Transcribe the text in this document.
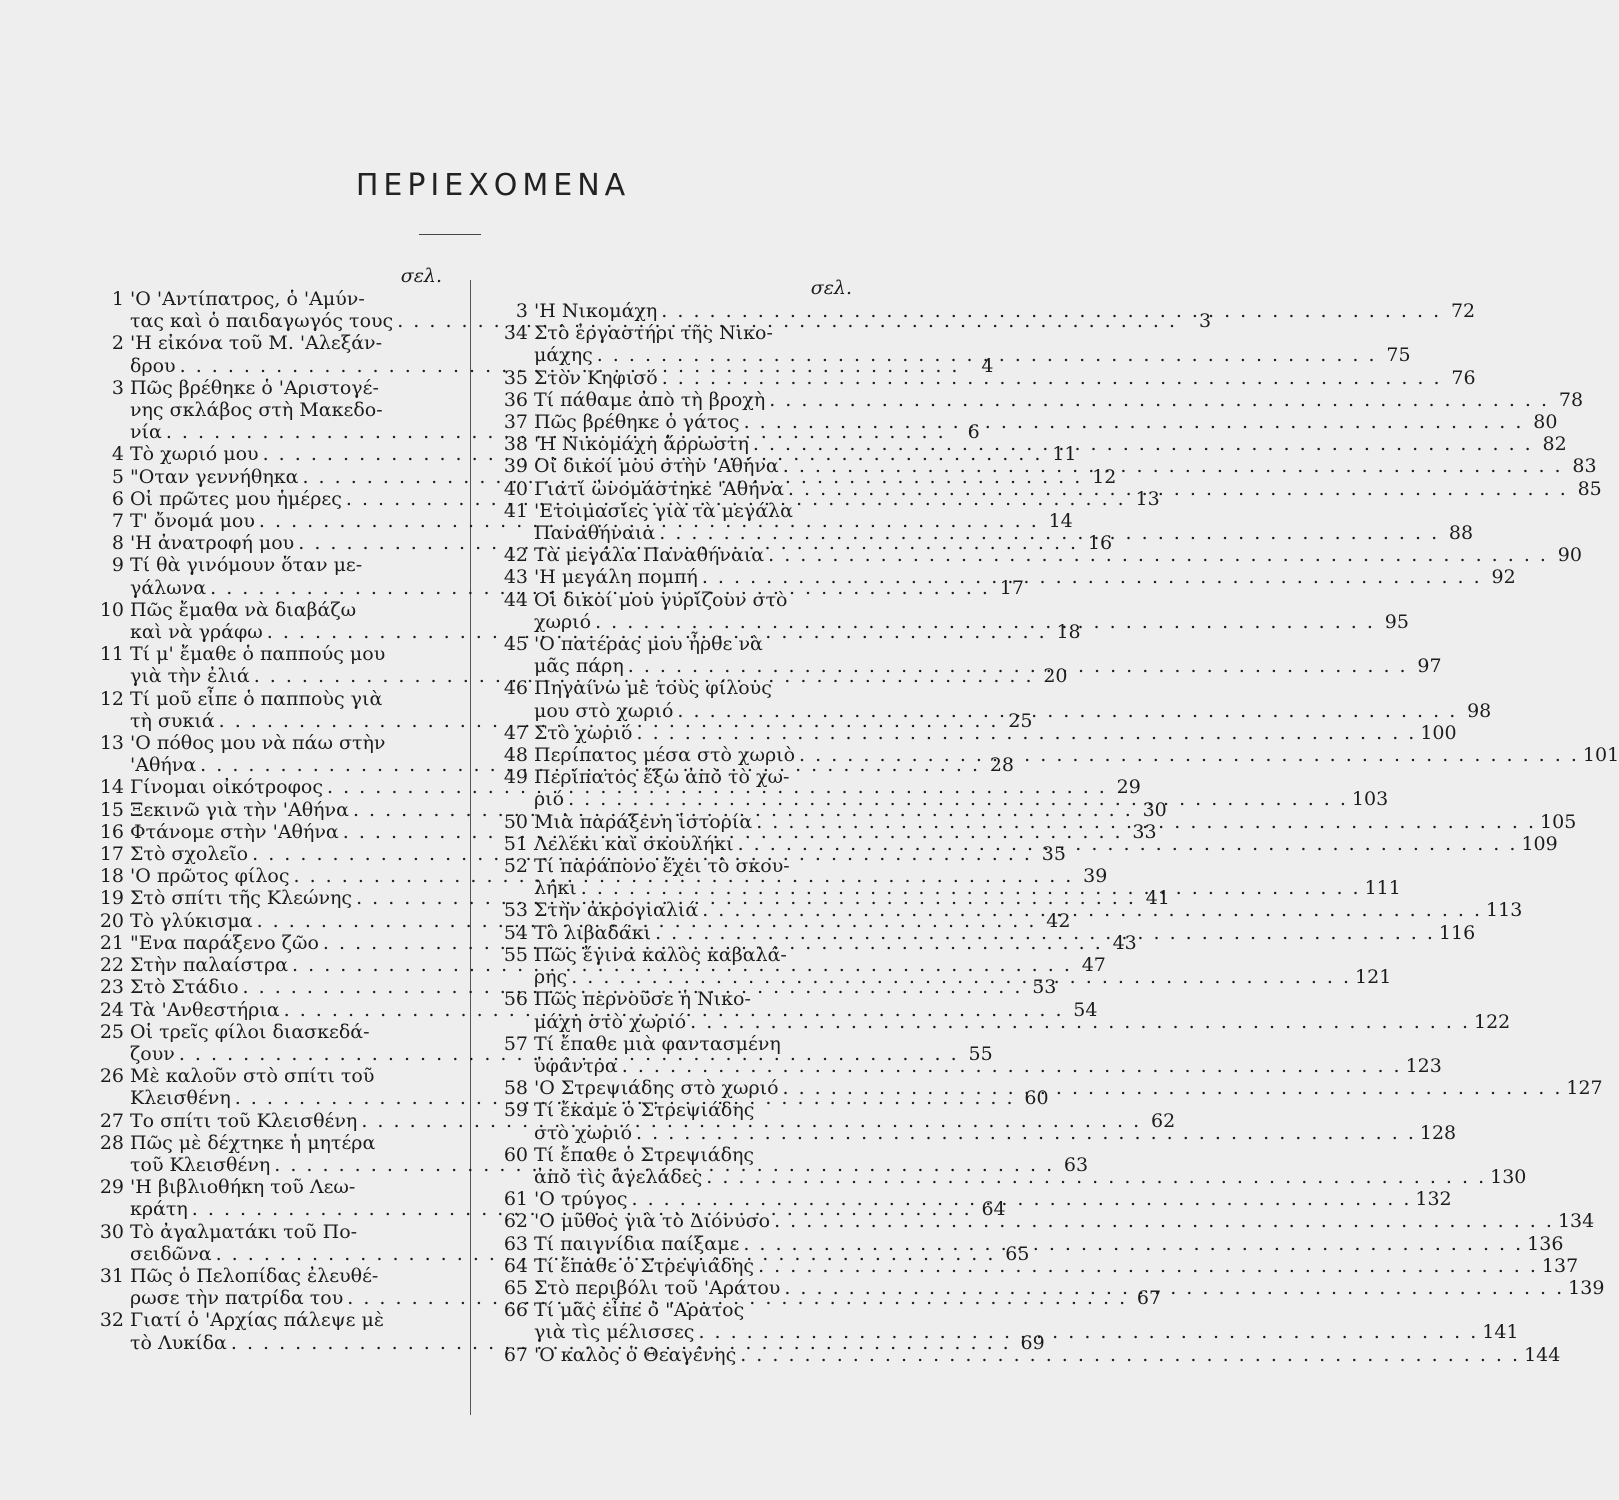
ΠΕΡΙΕΧΟΜΕΝΑ
σελ.
1 'Ο 'Αντίπατρος, ὁ 'Αμύν-
τας καὶ ὁ παιδαγωγός τους . . .	3
2 'Η εἰκόνα τοῦ Μ. 'Αλεξάν-
δρου . . .	4
3 Πῶς βρέθηκε ὁ 'Αριστογέ-
νης σκλάβος στὴ Μακεδο-
νία . . .	6
4 Τὸ χωριό μου . . .	11
5 "Οταν γεννήθηκα . . .	12
6 Οἱ πρῶτες μου ἡμέρες . . .	13
7 Τ' ὄνομά μου . . .	14
8 'Η ἀνατροφή μου . . .	16
9 Τί θὰ γινόμουν ὅταν με-
γάλωνα . . .	17
10 Πῶς ἔμαθα νὰ διαβάζω
καὶ νὰ γράφω . . .	18
11 Τί μ' ἔμαθε ὁ παππούς μου
γιὰ τὴν ἐλιά . . .	20
12 Τί μοῦ εἶπε ὁ παπποὺς γιὰ
τὴ συκιά . . .	25
13 'Ο πόθος μου νὰ πάω στὴν
'Αθήνα . . .	28
14 Γίνομαι οἰκότροφος . . .	29
15 Ξεκινῶ γιὰ τὴν 'Αθήνα . . .	30
16 Φτάνομε στὴν 'Αθήνα . . .	33
17 Στὸ σχολεῖο . . .	35
18 'Ο πρῶτος φίλος . . .	39
19 Στὸ σπίτι τῆς Κλεώνης . . .	41
20 Τὸ γλύκισμα . . .	42
21 "Ενα παράξενο ζῶο . . .	43
22 Στὴν παλαίστρα . . .	47
23 Στὸ Στάδιο . . .	53
24 Τὰ 'Ανθεστήρια . . .	54
25 Οἱ τρεῖς φίλοι διασκεδά-
ζουν . . .	55
26 Μὲ καλοῦν στὸ σπίτι τοῦ
Κλεισθένη . . .	60
27 Το σπίτι τοῦ Κλεισθένη . . .	62
28 Πῶς μὲ δέχτηκε ἡ μητέρα
τοῦ Κλεισθένη . . .	63
29 'Η βιβλιοθήκη τοῦ Λεω-
κράτη . . .	64
30 Τὸ ἀγαλματάκι τοῦ Πο-
σειδῶνα . . .	65
31 Πῶς ὁ Πελοπίδας ἐλευθέ-
ρωσε τὴν πατρίδα του . . .	67
32 Γιατί ὁ 'Αρχίας πάλεψε μὲ
τὸ Λυκίδα . . .	69
σελ.
3 'Η Νικομάχη . . .	72
34 Στὸ ἐργαστήρι τῆς Νικο-
μάχης . . .	75
35 Στὸν Κηφισό . . .	76
36 Τί πάθαμε ἀπὸ τὴ βροχὴ . . .	78
37 Πῶς βρέθηκε ὁ γάτος . . .	80
38 'Η Νικομάχη ἄρρωστη . . .	82
39 Οἱ δικοί μου στὴν 'Αθήνα . . .	83
40 Γιατί ὠνομάστηκε 'Αθήνα . . .	85
41 'Ετοιμασίες γιὰ τὰ μεγάλα
Παναθήναια . . .	88
42 Τὰ μεγάλα Παναθήναια . . .	90
43 'Η μεγάλη πομπή . . .	92
44 Οἱ δικοί μου γυρίζουν στὸ
χωριό . . .	95
45 'Ο πατέρας μου ἦρθε νὰ
μᾶς πάρη . . .	97
46 Πηγαίνω μὲ τοὺς φίλους
μου στὸ χωριό . . .	98
47 Στὸ χωριό . . .	100
48 Περίπατος μέσα στὸ χωριὸ . . .	101
49 Περίπατος ἔξω ἀπὸ τὸ χω-
ριό . . .	103
50 Μιὰ παράξενη ἱστορία . . .	105
51 Λελέκι καὶ σκουλήκι . . .	109
52 Τί παράπονο ἔχει τὸ σκου-
λήκι . . .	111
53 Στὴν ἀκρογιαλιά . . .	113
54 Τὸ λιβαδάκι . . .	116
55 Πῶς ἔγινα καλὸς καβαλά-
ρης . . .	121
56 Πῶς περνοῦσε ἡ Νικο-
μάχη στὸ χωριό . . .	122
57 Τί ἔπαθε μιὰ φαντασμένη
ὑφάντρα . . .	123
58 'Ο Στρεψιάδης στὸ χωριό . . .	127
59 Τί ἔκαμε ὁ Στρεψιάδης
στὸ χωριό . . .	128
60 Τί ἔπαθε ὁ Στρεψιάδης
ἀπὸ τὶς ἀγελάδες . . .	130
61 'Ο τρύγος . . .	132
62 'Ο μῦθος γιὰ τὸ Διόνυσο . . .	134
63 Τί παιγνίδια παίξαμε . . .	136
64 Τί ἔπαθε ὁ Στρεψιάδης . . .	137
65 Στὸ περιβόλι τοῦ 'Αράτου . . .	139
66 Τί μᾶς εἶπε ὁ "Αρατος
γιὰ τὶς μέλισσες . . .	141
67 'Ο καλὸς ὁ Θεαγένης . . .	144
